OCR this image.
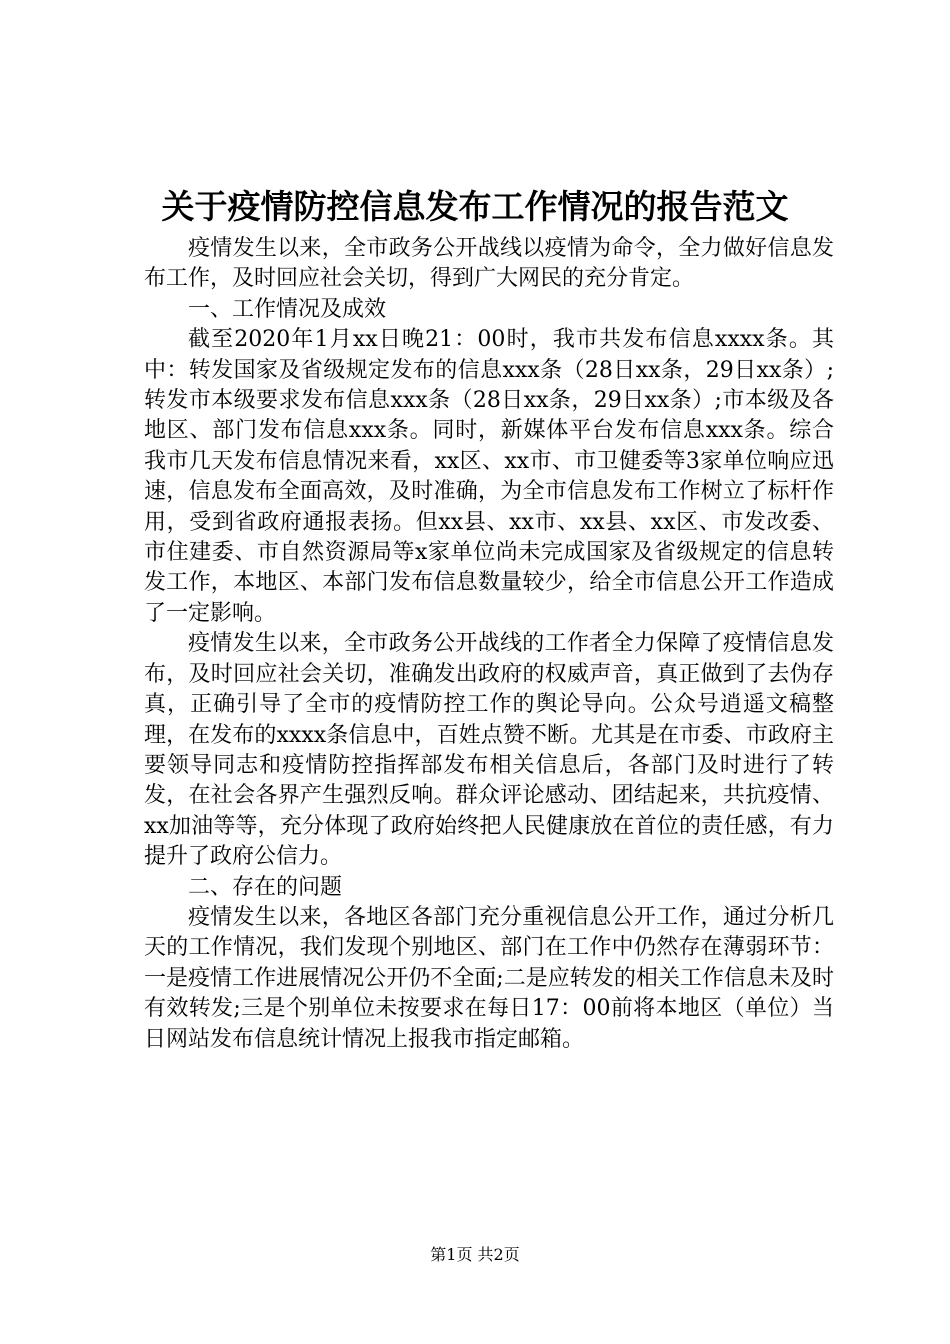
关于疫情防控信息发布工作情况的报告范文

疫情发生以来，全市政务公开战线以疫情为命令，全力做好信息发布工作，及时回应社会关切，得到广大网民的充分肯定。

一、工作情况及成效

截至2020年1月xx日晚21：00时，我市共发布信息xxxx条。其中：转发国家及省级规定发布的信息xxx条（28日xx条，29日xx条）;转发市本级要求发布信息xxx条（28日xx条，29日xx条）;市本级及各地区、部门发布信息xxx条。同时，新媒体平台发布信息xxx条。综合我市几天发布信息情况来看，xx区、xx市、市卫健委等3家单位响应迅速，信息发布全面高效，及时准确，为全市信息发布工作树立了标杆作用，受到省政府通报表扬。但xx县、xx市、xx县、xx区、市发改委、市住建委、市自然资源局等x家单位尚未完成国家及省级规定的信息转发工作，本地区、本部门发布信息数量较少，给全市信息公开工作造成了一定影响。

疫情发生以来，全市政务公开战线的工作者全力保障了疫情信息发布，及时回应社会关切，准确发出政府的权威声音，真正做到了去伪存真，正确引导了全市的疫情防控工作的舆论导向。公众号逍遥文稿整理，在发布的xxxx条信息中，百姓点赞不断。尤其是在市委、市政府主要领导同志和疫情防控指挥部发布相关信息后，各部门及时进行了转发，在社会各界产生强烈反响。群众评论感动、团结起来，共抗疫情、xx加油等等，充分体现了政府始终把人民健康放在首位的责任感，有力提升了政府公信力。

二、存在的问题

疫情发生以来，各地区各部门充分重视信息公开工作，通过分析几天的工作情况，我们发现个别地区、部门在工作中仍然存在薄弱环节：一是疫情工作进展情况公开仍不全面;二是应转发的相关工作信息未及时有效转发;三是个别单位未按要求在每日17：00前将本地区（单位）当日网站发布信息统计情况上报我市指定邮箱。

第1页 共2页
